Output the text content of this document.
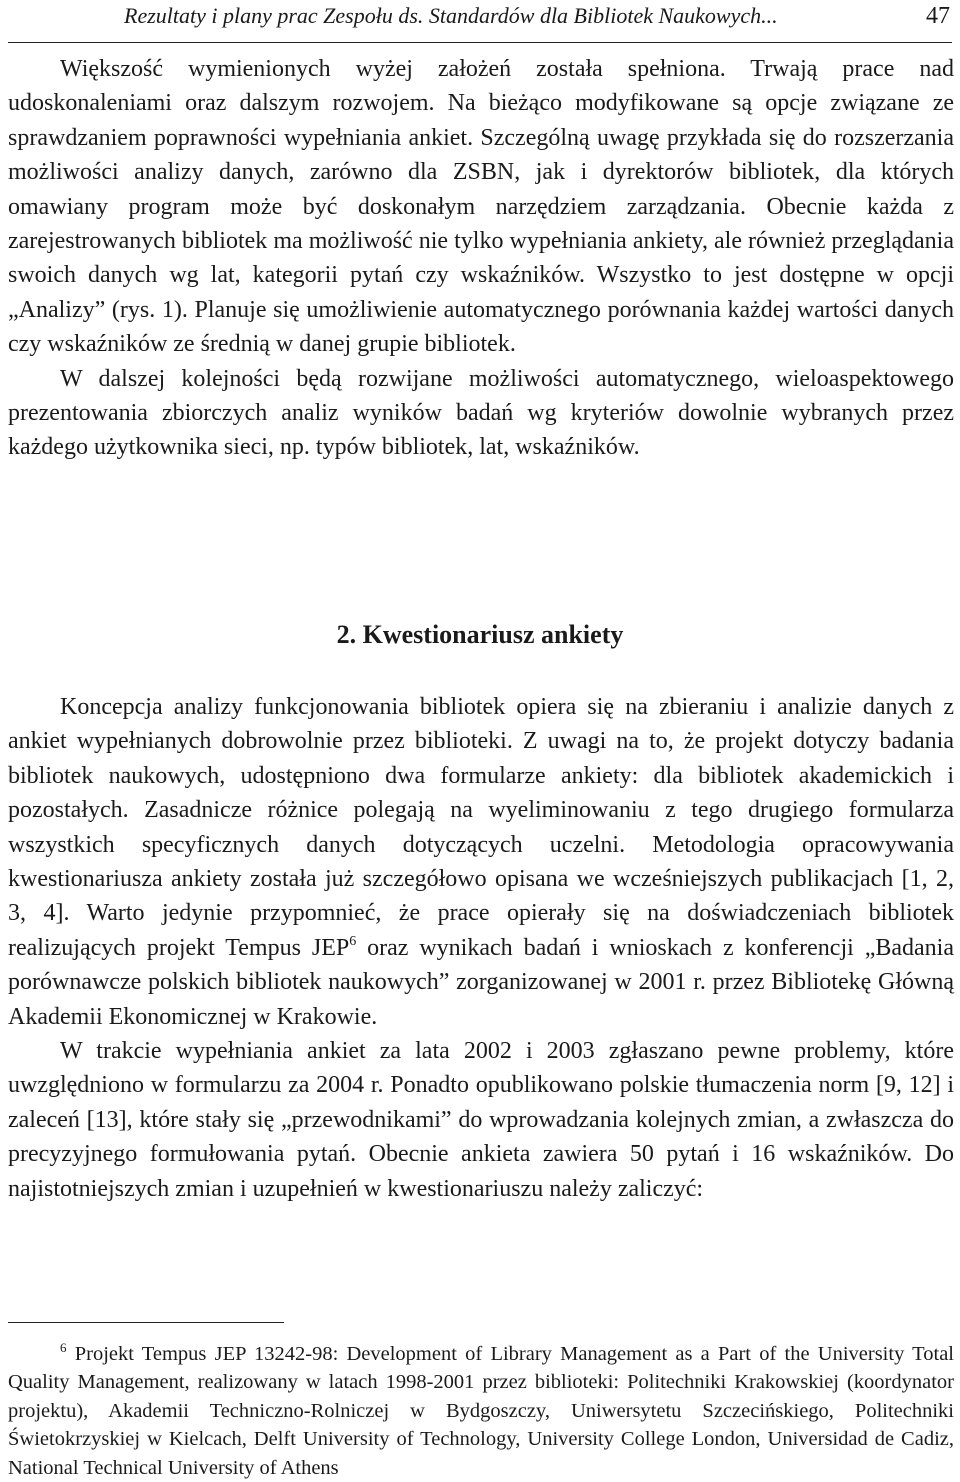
Rezultaty i plany prac Zespołu ds. Standardów dla Bibliotek Naukowych...	47

Większość wymienionych wyżej założeń została spełniona. Trwają prace nad udoskonaleniami oraz dalszym rozwojem. Na bieżąco modyfikowane są opcje związane ze sprawdzaniem poprawności wypełniania ankiet. Szczególną uwagę przykłada się do rozszerzania możliwości analizy danych, zarówno dla ZSBN, jak i dyrektorów bibliotek, dla których omawiany program może być doskonałym narzędziem zarządzania. Obecnie każda z zarejestrowanych bibliotek ma możliwość nie tylko wypełniania ankiety, ale również przeglądania swoich danych wg lat, kategorii pytań czy wskaźników. Wszystko to jest dostępne w opcji „Analizy” (rys. 1). Planuje się umożliwienie automatycznego porównania każdej wartości danych czy wskaźników ze średnią w danej grupie bibliotek.

W dalszej kolejności będą rozwijane możliwości automatycznego, wieloaspektowego prezentowania zbiorczych analiz wyników badań wg kryteriów dowolnie wybranych przez każdego użytkownika sieci, np. typów bibliotek, lat, wskaźników.

2. Kwestionariusz ankiety

Koncepcja analizy funkcjonowania bibliotek opiera się na zbieraniu i analizie danych z ankiet wypełnianych dobrowolnie przez biblioteki. Z uwagi na to, że projekt dotyczy badania bibliotek naukowych, udostępniono dwa formularze ankiety: dla bibliotek akademickich i pozostałych. Zasadnicze różnice polegają na wyeliminowaniu z tego drugiego formularza wszystkich specyficznych danych dotyczących uczelni. Metodologia opracowywania kwestionariusza ankiety została już szczegółowo opisana we wcześniejszych publikacjach [1, 2, 3, 4]. Warto jedynie przypomnieć, że prace opierały się na doświadczeniach bibliotek realizujących projekt Tempus JEP$^6$ oraz wynikach badań i wnioskach z konferencji „Badania porównawcze polskich bibliotek naukowych” zorganizowanej w 2001 r. przez Bibliotekę Główną Akademii Ekonomicznej w Krakowie.

W trakcie wypełniania ankiet za lata 2002 i 2003 zgłaszano pewne problemy, które uwzględniono w formularzu za 2004 r. Ponadto opublikowano polskie tłumaczenia norm [9, 12] i zaleceń [13], które stały się „przewodnikami” do wprowadzania kolejnych zmian, a zwłaszcza do precyzyjnego formułowania pytań. Obecnie ankieta zawiera 50 pytań i 16 wskaźników. Do najistotniejszych zmian i uzupełnień w kwestionariuszu należy zaliczyć:

$^6$ Projekt Tempus JEP 13242-98: Development of Library Management as a Part of the University Total Quality Management, realizowany w latach 1998-2001 przez biblioteki: Politechniki Krakowskiej (koordynator projektu), Akademii Techniczno-Rolniczej w Bydgoszczy, Uniwersytetu Szczecińskiego, Politechniki Świetokrzyskiej w Kielcach, Delft University of Technology, University College London, Universidad de Cadiz, National Technical University of Athens
